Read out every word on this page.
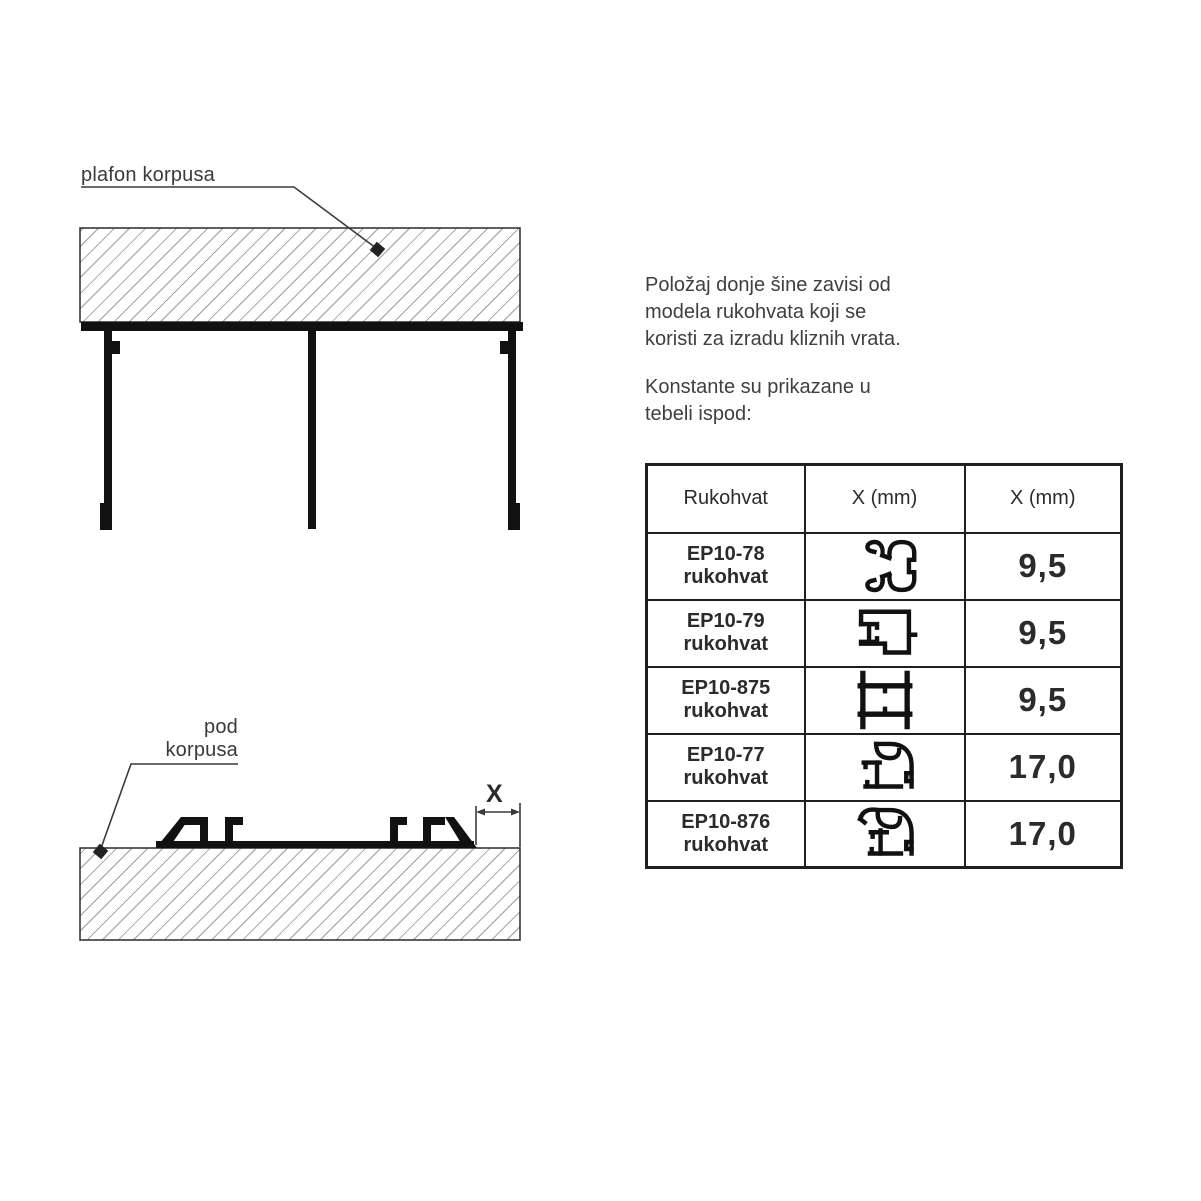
plafon korpusa
pod
korpusa
X
Položaj donje šine zavisi od
modela rukohvata koji se
koristi za izradu kliznih vrata.
Konstante su prikazane u
tebeli ispod:
Rukohvat	X (mm)	X (mm)

EP10-78
rukohvat		9,5

EP10-79
rukohvat		9,5

EP10-875
rukohvat		9,5

EP10-77
rukohvat		17,0

EP10-876
rukohvat		17,0
